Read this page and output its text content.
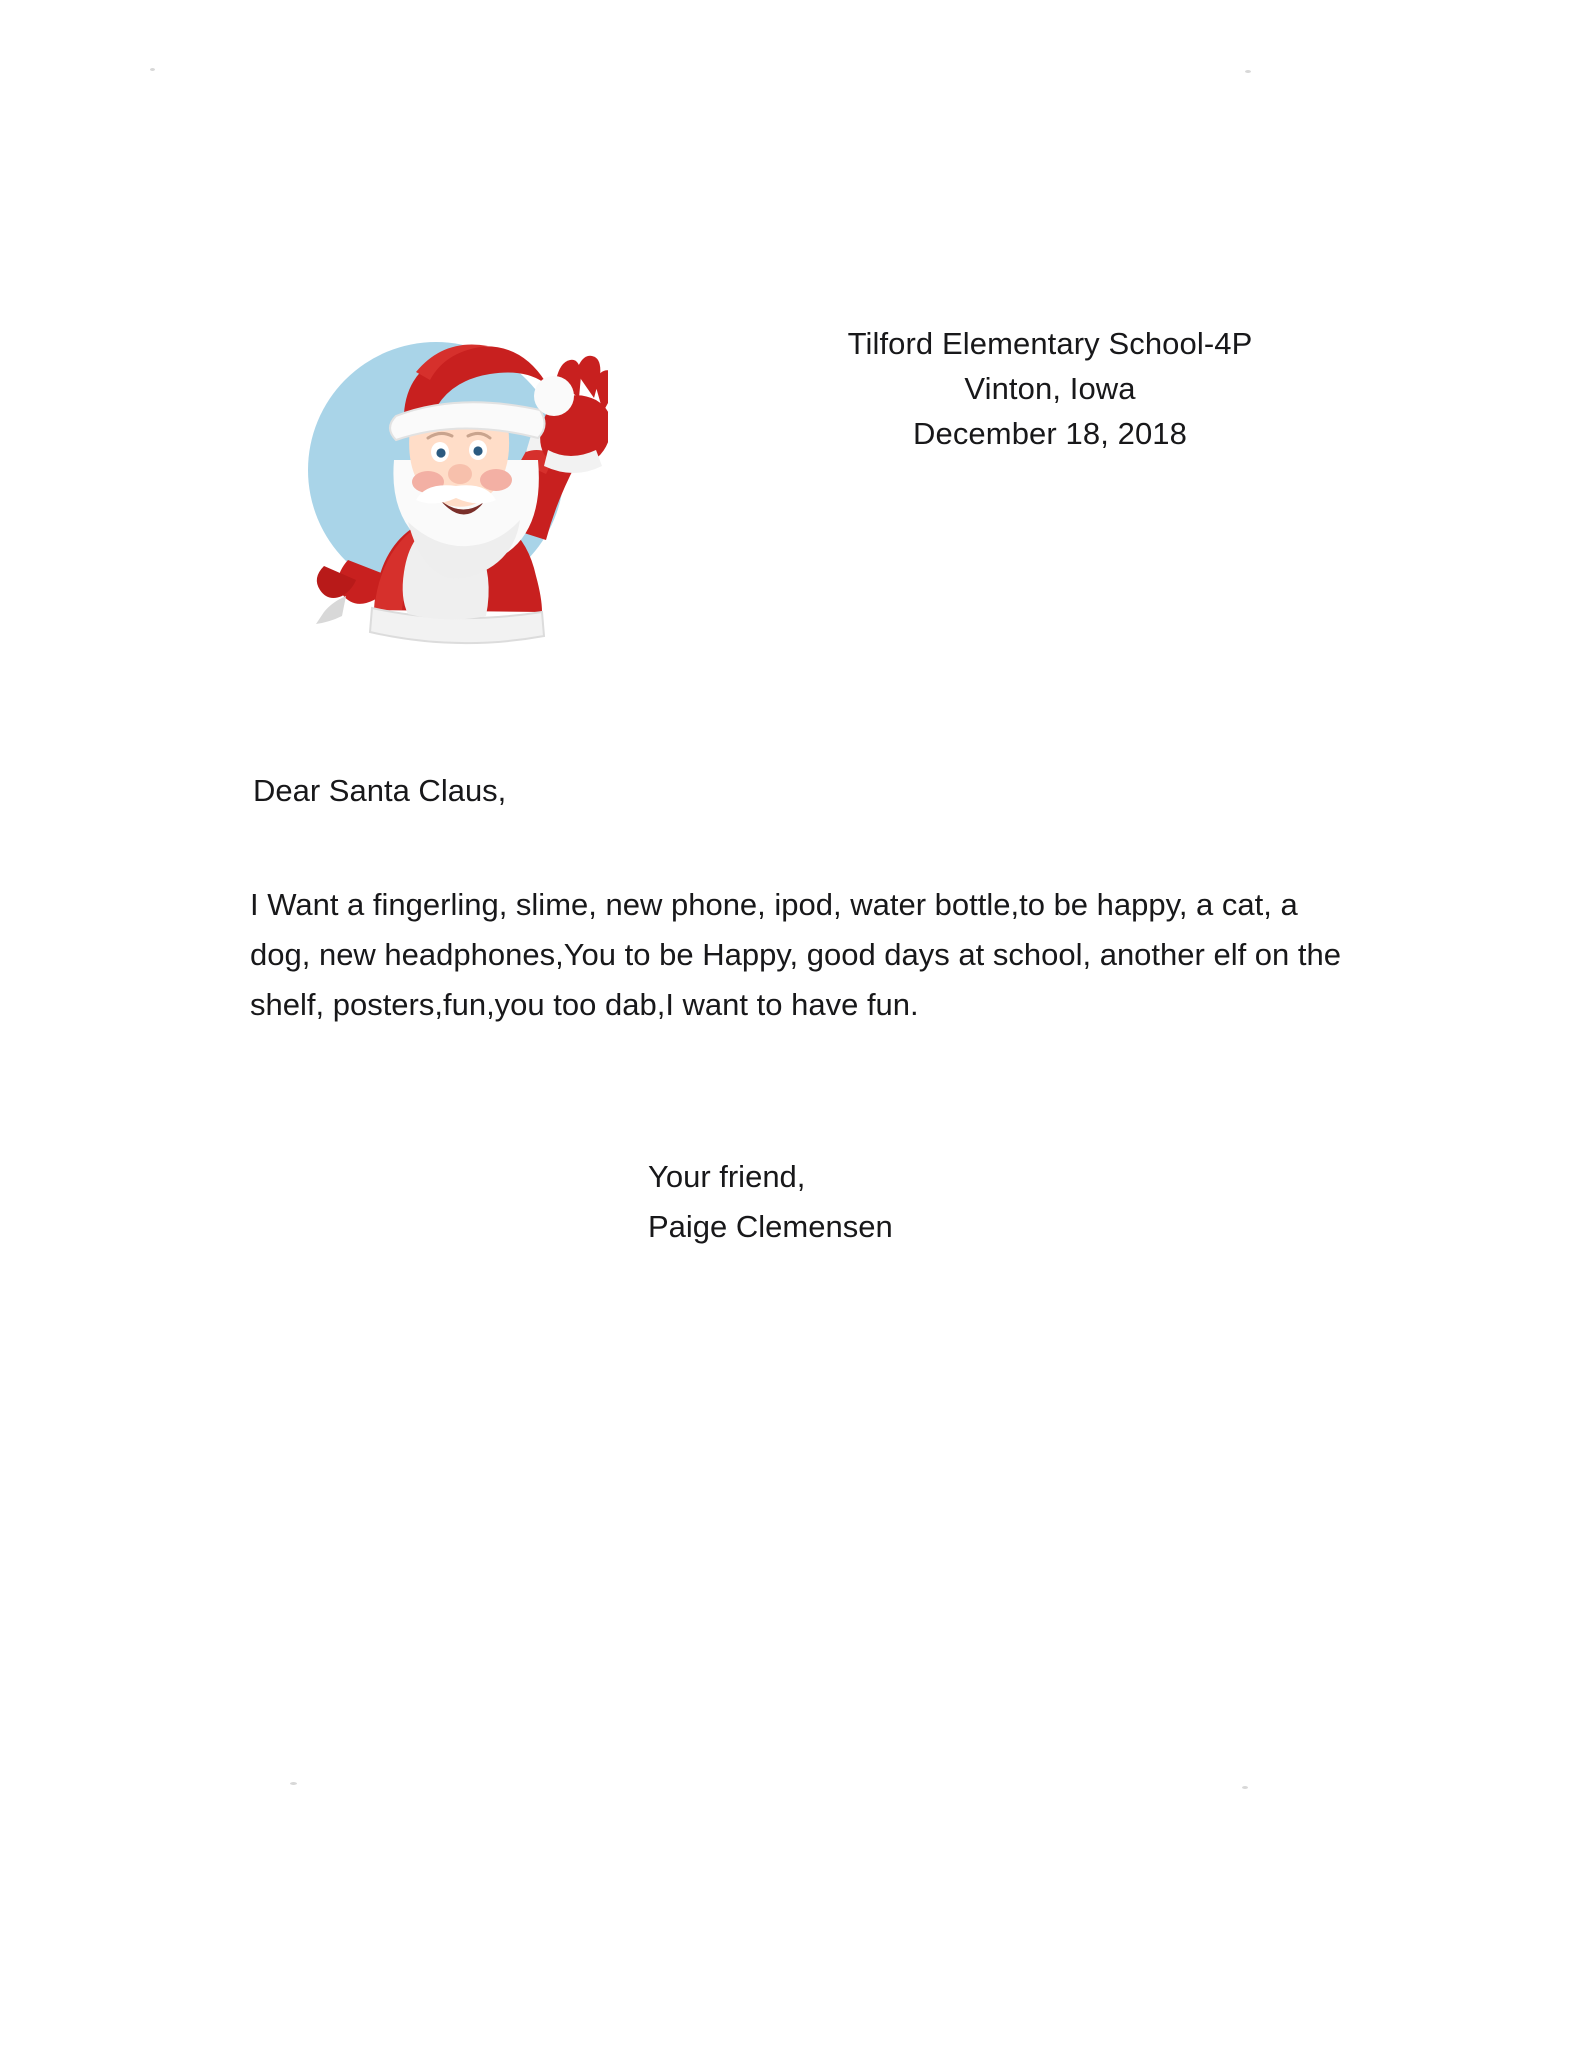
Tilford Elementary School-4P
Vinton, Iowa
December 18, 2018
Dear Santa Claus,

I Want a fingerling, slime, new phone, ipod, water bottle,to be happy, a cat, a dog, new headphones,You to be Happy, good days at school, another elf on the shelf, posters,fun,you too dab,I want to have fun.

Your friend,
Paige Clemensen
